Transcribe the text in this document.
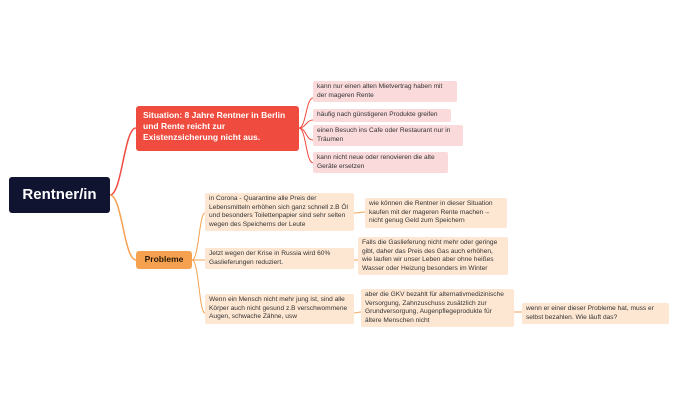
Rentner/in
Situation: 8 Jahre Rentner in Berlin und Rente reicht zur Existenzsicherung nicht aus.
kann nur einen alten Mietvertrag haben mit der mageren Rente
häufig nach günstigeren Produkte greifen
einen Besuch ins Cafe oder Restaurant nur in Träumen
kann nicht neue oder renovieren die alte Geräte ersetzen
Probleme
in Corona - Quarantine alle Preis der Lebensmitteln erhöhen sich ganz schnell z.B Öl und besonders Toilettenpapier sind sehr selten wegen des Speicherns der Leute
wie können die Rentner in dieser Situation kaufen mit der mageren Rente machen→ nicht genug Geld zum Speichern
Jetzt wegen der Krise in Russia wird 60% Gaslieferungen reduziert.
Falls die Gaslieferung nicht mehr oder geringe gibt, daher das Preis des Gas auch erhöhen, wie laufen wir unser Leben aber ohne heißes Wasser oder Heizung besonders im Winter
Wenn ein Mensch nicht mehr jung ist, sind alle Körper auch nicht gesund z.B verschwommene Augen, schwache Zähne, usw
aber die GKV bezahlt für alternativmedizinische Versorgung, Zahnzuschuss zusätzlich zur Grundversorgung, Augenpflegeprodukte für ältere Menschen nicht
wenn er einer dieser Probleme hat, muss er selbst bezahlen. Wie läuft das?
